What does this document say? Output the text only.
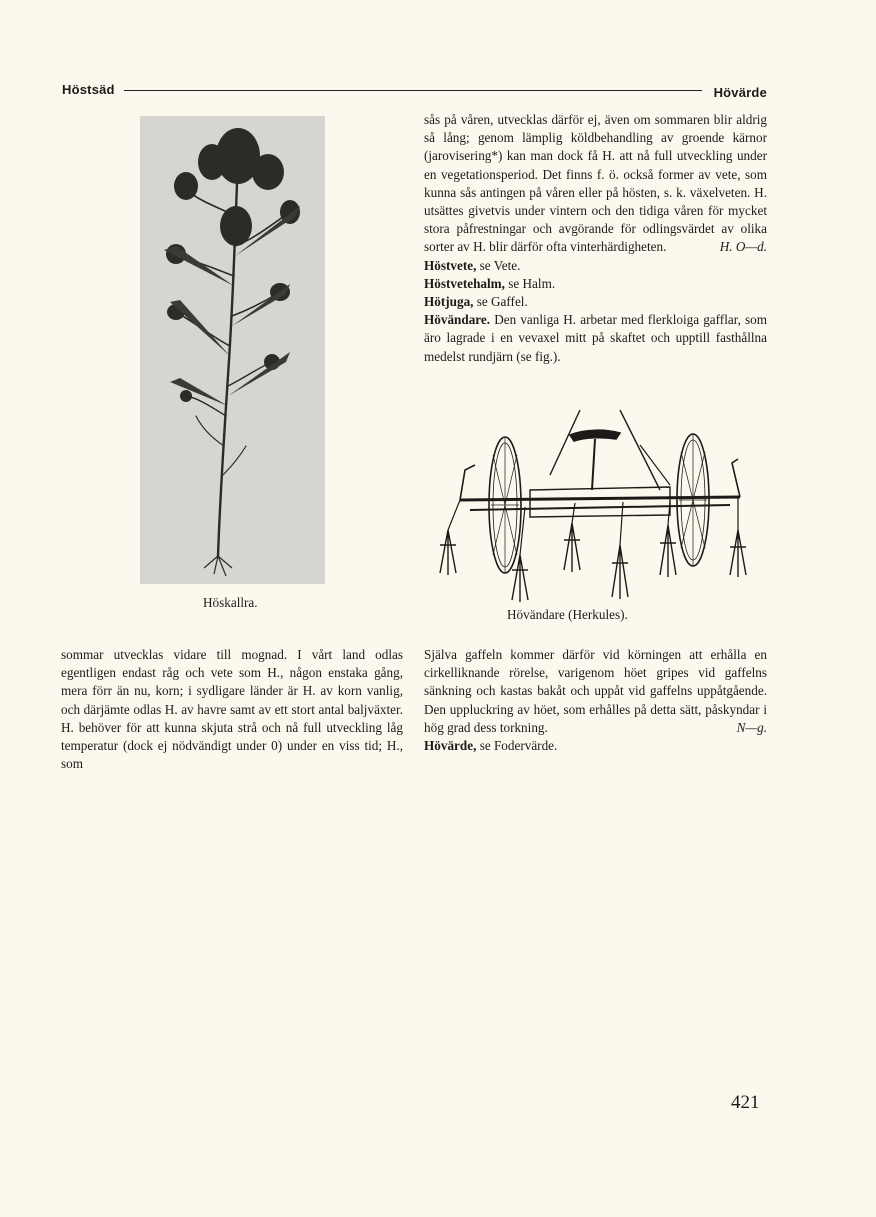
Höstsäd	Hövärde
Höskallra.

sås på våren, utvecklas därför ej, även om sommaren blir aldrig så lång; genom lämplig köldbehandling av groende kärnor (jarovisering*) kan man dock få H. att nå full utveckling under en vegetationsperiod. Det finns f. ö. också former av vete, som kunna sås antingen på våren eller på hösten, s. k. växelveten. H. utsättes givetvis under vintern och den tidiga våren för mycket stora påfrestningar och avgörande för odlingsvärdet av olika sorter av H. blir därför ofta vinterhärdigheten.	H. O—d.

Höstvete, se Vete.

Höstvetehalm, se Halm.

Hötjuga, se Gaffel.

Hövändare. Den vanliga H. arbetar med flerkloiga gafflar, som äro lagrade i en vevaxel mitt på skaftet och upptill fasthållna medelst rundjärn (se fig.).

Hövändare (Herkules).

sommar utvecklas vidare till mognad. I vårt land odlas egentligen endast råg och vete som H., någon enstaka gång, mera förr än nu, korn; i sydligare länder är H. av korn vanlig, och därjämte odlas H. av havre samt av ett stort antal baljväxter. H. behöver för att kunna skjuta strå och nå full utveckling låg temperatur (dock ej nödvändigt under 0) under en viss tid; H., som

Själva gaffeln kommer därför vid körningen att erhålla en cirkelliknande rörelse, varigenom höet gripes vid gaffelns sänkning och kastas bakåt och uppåt vid gaffelns uppåtgående. Den uppluckring av höet, som erhålles på detta sätt, påskyndar i hög grad dess torkning.	N—g.

Hövärde, se Fodervärde.

421
